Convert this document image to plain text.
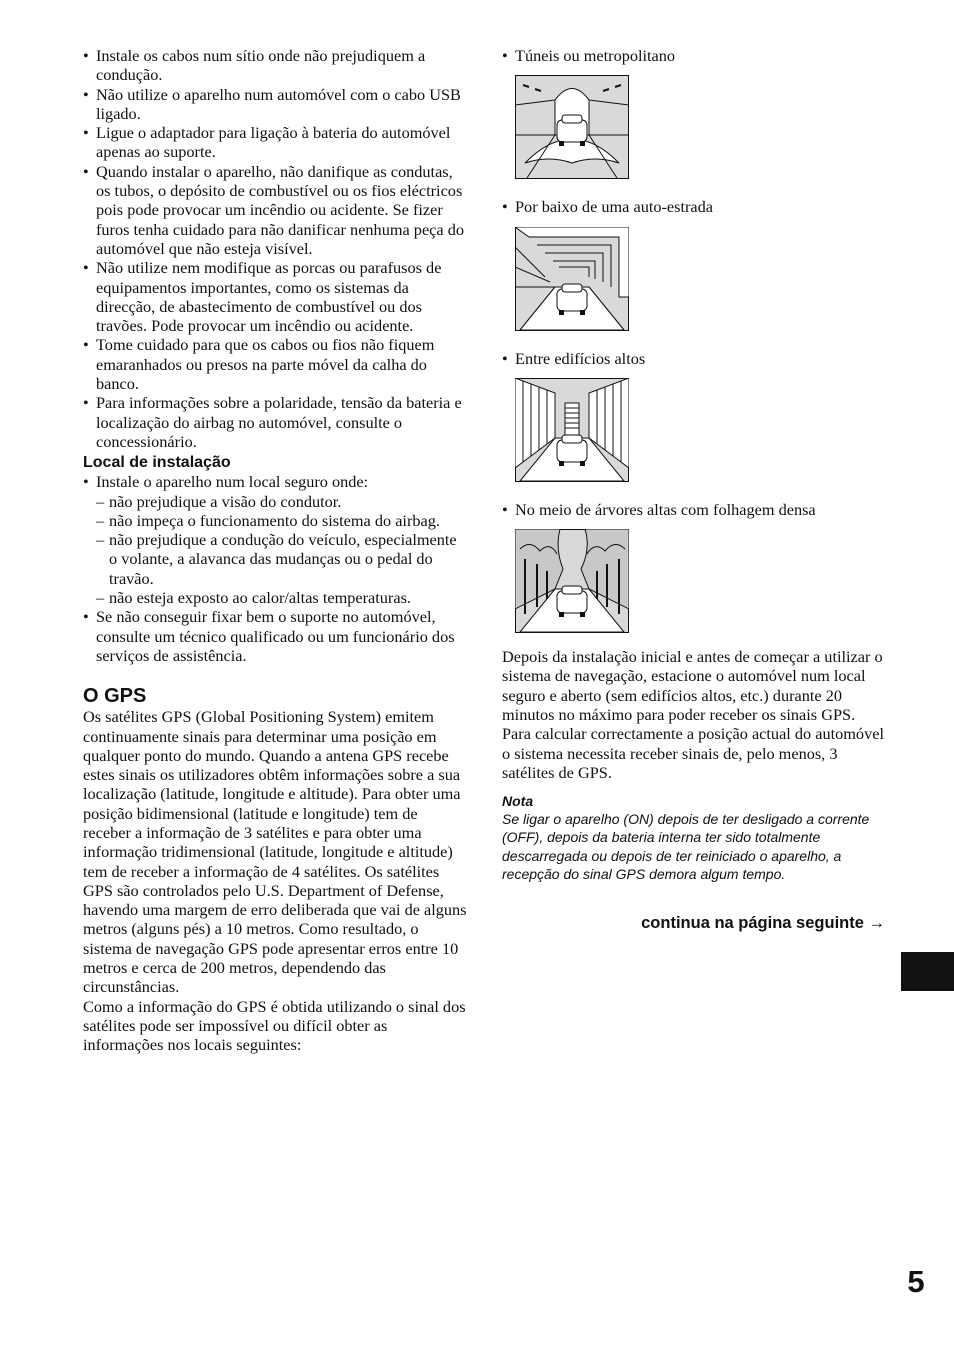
• Instale os cabos num sítio onde não prejudiquem a condução.
• Não utilize o aparelho num automóvel com o cabo USB ligado.
• Ligue o adaptador para ligação à bateria do automóvel apenas ao suporte.
• Quando instalar o aparelho, não danifique as condutas, os tubos, o depósito de combustível ou os fios eléctricos pois pode provocar um incêndio ou acidente. Se fizer furos tenha cuidado para não danificar nenhuma peça do automóvel que não esteja visível.
• Não utilize nem modifique as porcas ou parafusos de equipamentos importantes, como os sistemas da direcção, de abastecimento de combustível ou dos travões. Pode provocar um incêndio ou acidente.
• Tome cuidado para que os cabos ou fios não fiquem emaranhados ou presos na parte móvel da calha do banco.
• Para informações sobre a polaridade, tensão da bateria e localização do airbag no automóvel, consulte o concessionário.
Local de instalação
• Instale o aparelho num local seguro onde:
– não prejudique a visão do condutor.
– não impeça o funcionamento do sistema do airbag.
– não prejudique a condução do veículo, especialmente o volante, a alavanca das mudanças ou o pedal do travão.
– não esteja exposto ao calor/altas temperaturas.
• Se não conseguir fixar bem o suporte no automóvel, consulte um técnico qualificado ou um funcionário dos serviços de assistência.
O GPS

Os satélites GPS (Global Positioning System) emitem continuamente sinais para determinar uma posição em qualquer ponto do mundo. Quando a antena GPS recebe estes sinais os utilizadores obtêm informações sobre a sua localização (latitude, longitude e altitude). Para obter uma posição bidimensional (latitude e longitude) tem de receber a informação de 3 satélites e para obter uma informação tridimensional (latitude, longitude e altitude) tem de receber a informação de 4 satélites. Os satélites GPS são controlados pelo U.S. Department of Defense, havendo uma margem de erro deliberada que vai de alguns metros (alguns pés) a 10 metros. Como resultado, o sistema de navegação GPS pode apresentar erros entre 10 metros e cerca de 200 metros, dependendo das circunstâncias.

Como a informação do GPS é obtida utilizando o sinal dos satélites pode ser impossível ou difícil obter as informações nos locais seguintes:

• Túneis ou metropolitano
• Por baixo de uma auto-estrada
• Entre edifícios altos
• No meio de árvores altas com folhagem densa

Depois da instalação inicial e antes de começar a utilizar o sistema de navegação, estacione o automóvel num local seguro e aberto (sem edifícios altos, etc.) durante 20 minutos no máximo para poder receber os sinais GPS. Para calcular correctamente a posição actual do automóvel o sistema necessita receber sinais de, pelo menos, 3 satélites de GPS.

Nota
Se ligar o aparelho (ON) depois de ter desligado a corrente (OFF), depois da bateria interna ter sido totalmente descarregada ou depois de ter reiniciado o aparelho, a recepção do sinal GPS demora algum tempo.
continua na página seguinte →
5
